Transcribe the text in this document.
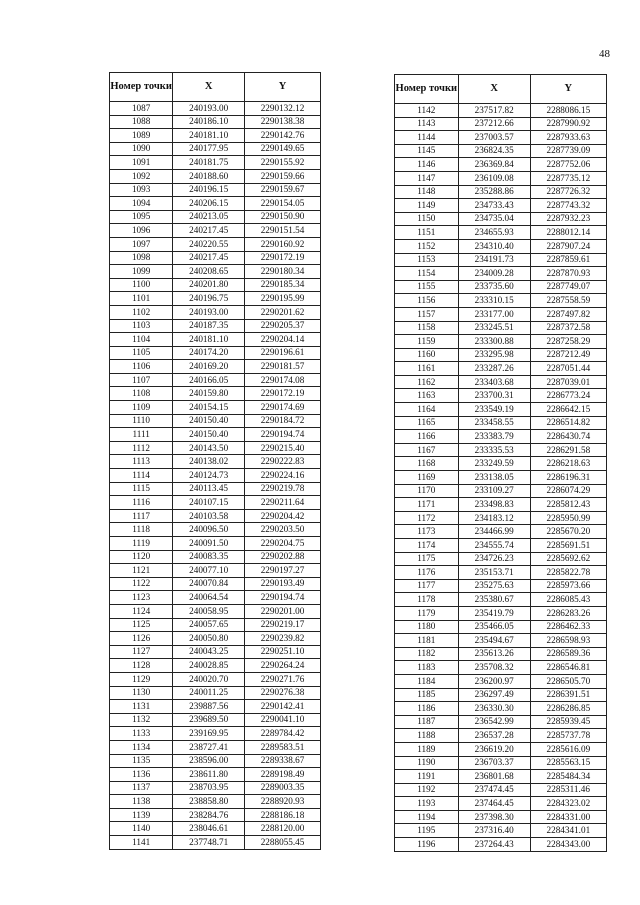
48
Номер точки	X	Y
1087	240193.00	2290132.12
1088	240186.10	2290138.38
1089	240181.10	2290142.76
1090	240177.95	2290149.65
1091	240181.75	2290155.92
1092	240188.60	2290159.66
1093	240196.15	2290159.67
1094	240206.15	2290154.05
1095	240213.05	2290150.90
1096	240217.45	2290151.54
1097	240220.55	2290160.92
1098	240217.45	2290172.19
1099	240208.65	2290180.34
1100	240201.80	2290185.34
1101	240196.75	2290195.99
1102	240193.00	2290201.62
1103	240187.35	2290205.37
1104	240181.10	2290204.14
1105	240174.20	2290196.61
1106	240169.20	2290181.57
1107	240166.05	2290174.08
1108	240159.80	2290172.19
1109	240154.15	2290174.69
1110	240150.40	2290184.72
1111	240150.40	2290194.74
1112	240143.50	2290215.40
1113	240138.02	2290222.83
1114	240124.73	2290224.16
1115	240113.45	2290219.78
1116	240107.15	2290211.64
1117	240103.58	2290204.42
1118	240096.50	2290203.50
1119	240091.50	2290204.75
1120	240083.35	2290202.88
1121	240077.10	2290197.27
1122	240070.84	2290193.49
1123	240064.54	2290194.74
1124	240058.95	2290201.00
1125	240057.65	2290219.17
1126	240050.80	2290239.82
1127	240043.25	2290251.10
1128	240028.85	2290264.24
1129	240020.70	2290271.76
1130	240011.25	2290276.38
1131	239887.56	2290142.41
1132	239689.50	2290041.10
1133	239169.95	2289784.42
1134	238727.41	2289583.51
1135	238596.00	2289338.67
1136	238611.80	2289198.49
1137	238703.95	2289003.35
1138	238858.80	2288920.93
1139	238284.76	2288186.18
1140	238046.61	2288120.00
1141	237748.71	2288055.45
Номер точки	X	Y
1142	237517.82	2288086.15
1143	237212.66	2287990.92
1144	237003.57	2287933.63
1145	236824.35	2287739.09
1146	236369.84	2287752.06
1147	236109.08	2287735.12
1148	235288.86	2287726.32
1149	234733.43	2287743.32
1150	234735.04	2287932.23
1151	234655.93	2288012.14
1152	234310.40	2287907.24
1153	234191.73	2287859.61
1154	234009.28	2287870.93
1155	233735.60	2287749.07
1156	233310.15	2287558.59
1157	233177.00	2287497.82
1158	233245.51	2287372.58
1159	233300.88	2287258.29
1160	233295.98	2287212.49
1161	233287.26	2287051.44
1162	233403.68	2287039.01
1163	233700.31	2286773.24
1164	233549.19	2286642.15
1165	233458.55	2286514.82
1166	233383.79	2286430.74
1167	233335.53	2286291.58
1168	233249.59	2286218.63
1169	233138.05	2286196.31
1170	233109.27	2286074.29
1171	233498.83	2285812.43
1172	234183.12	2285950.99
1173	234466.99	2285670.20
1174	234555.74	2285691.51
1175	234726.23	2285692.62
1176	235153.71	2285822.78
1177	235275.63	2285973.66
1178	235380.67	2286085.43
1179	235419.79	2286283.26
1180	235466.05	2286462.33
1181	235494.67	2286598.93
1182	235613.26	2286589.36
1183	235708.32	2286546.81
1184	236200.97	2286505.70
1185	236297.49	2286391.51
1186	236330.30	2286286.85
1187	236542.99	2285939.45
1188	236537.28	2285737.78
1189	236619.20	2285616.09
1190	236703.37	2285563.15
1191	236801.68	2285484.34
1192	237474.45	2285311.46
1193	237464.45	2284323.02
1194	237398.30	2284331.00
1195	237316.40	2284341.01
1196	237264.43	2284343.00
